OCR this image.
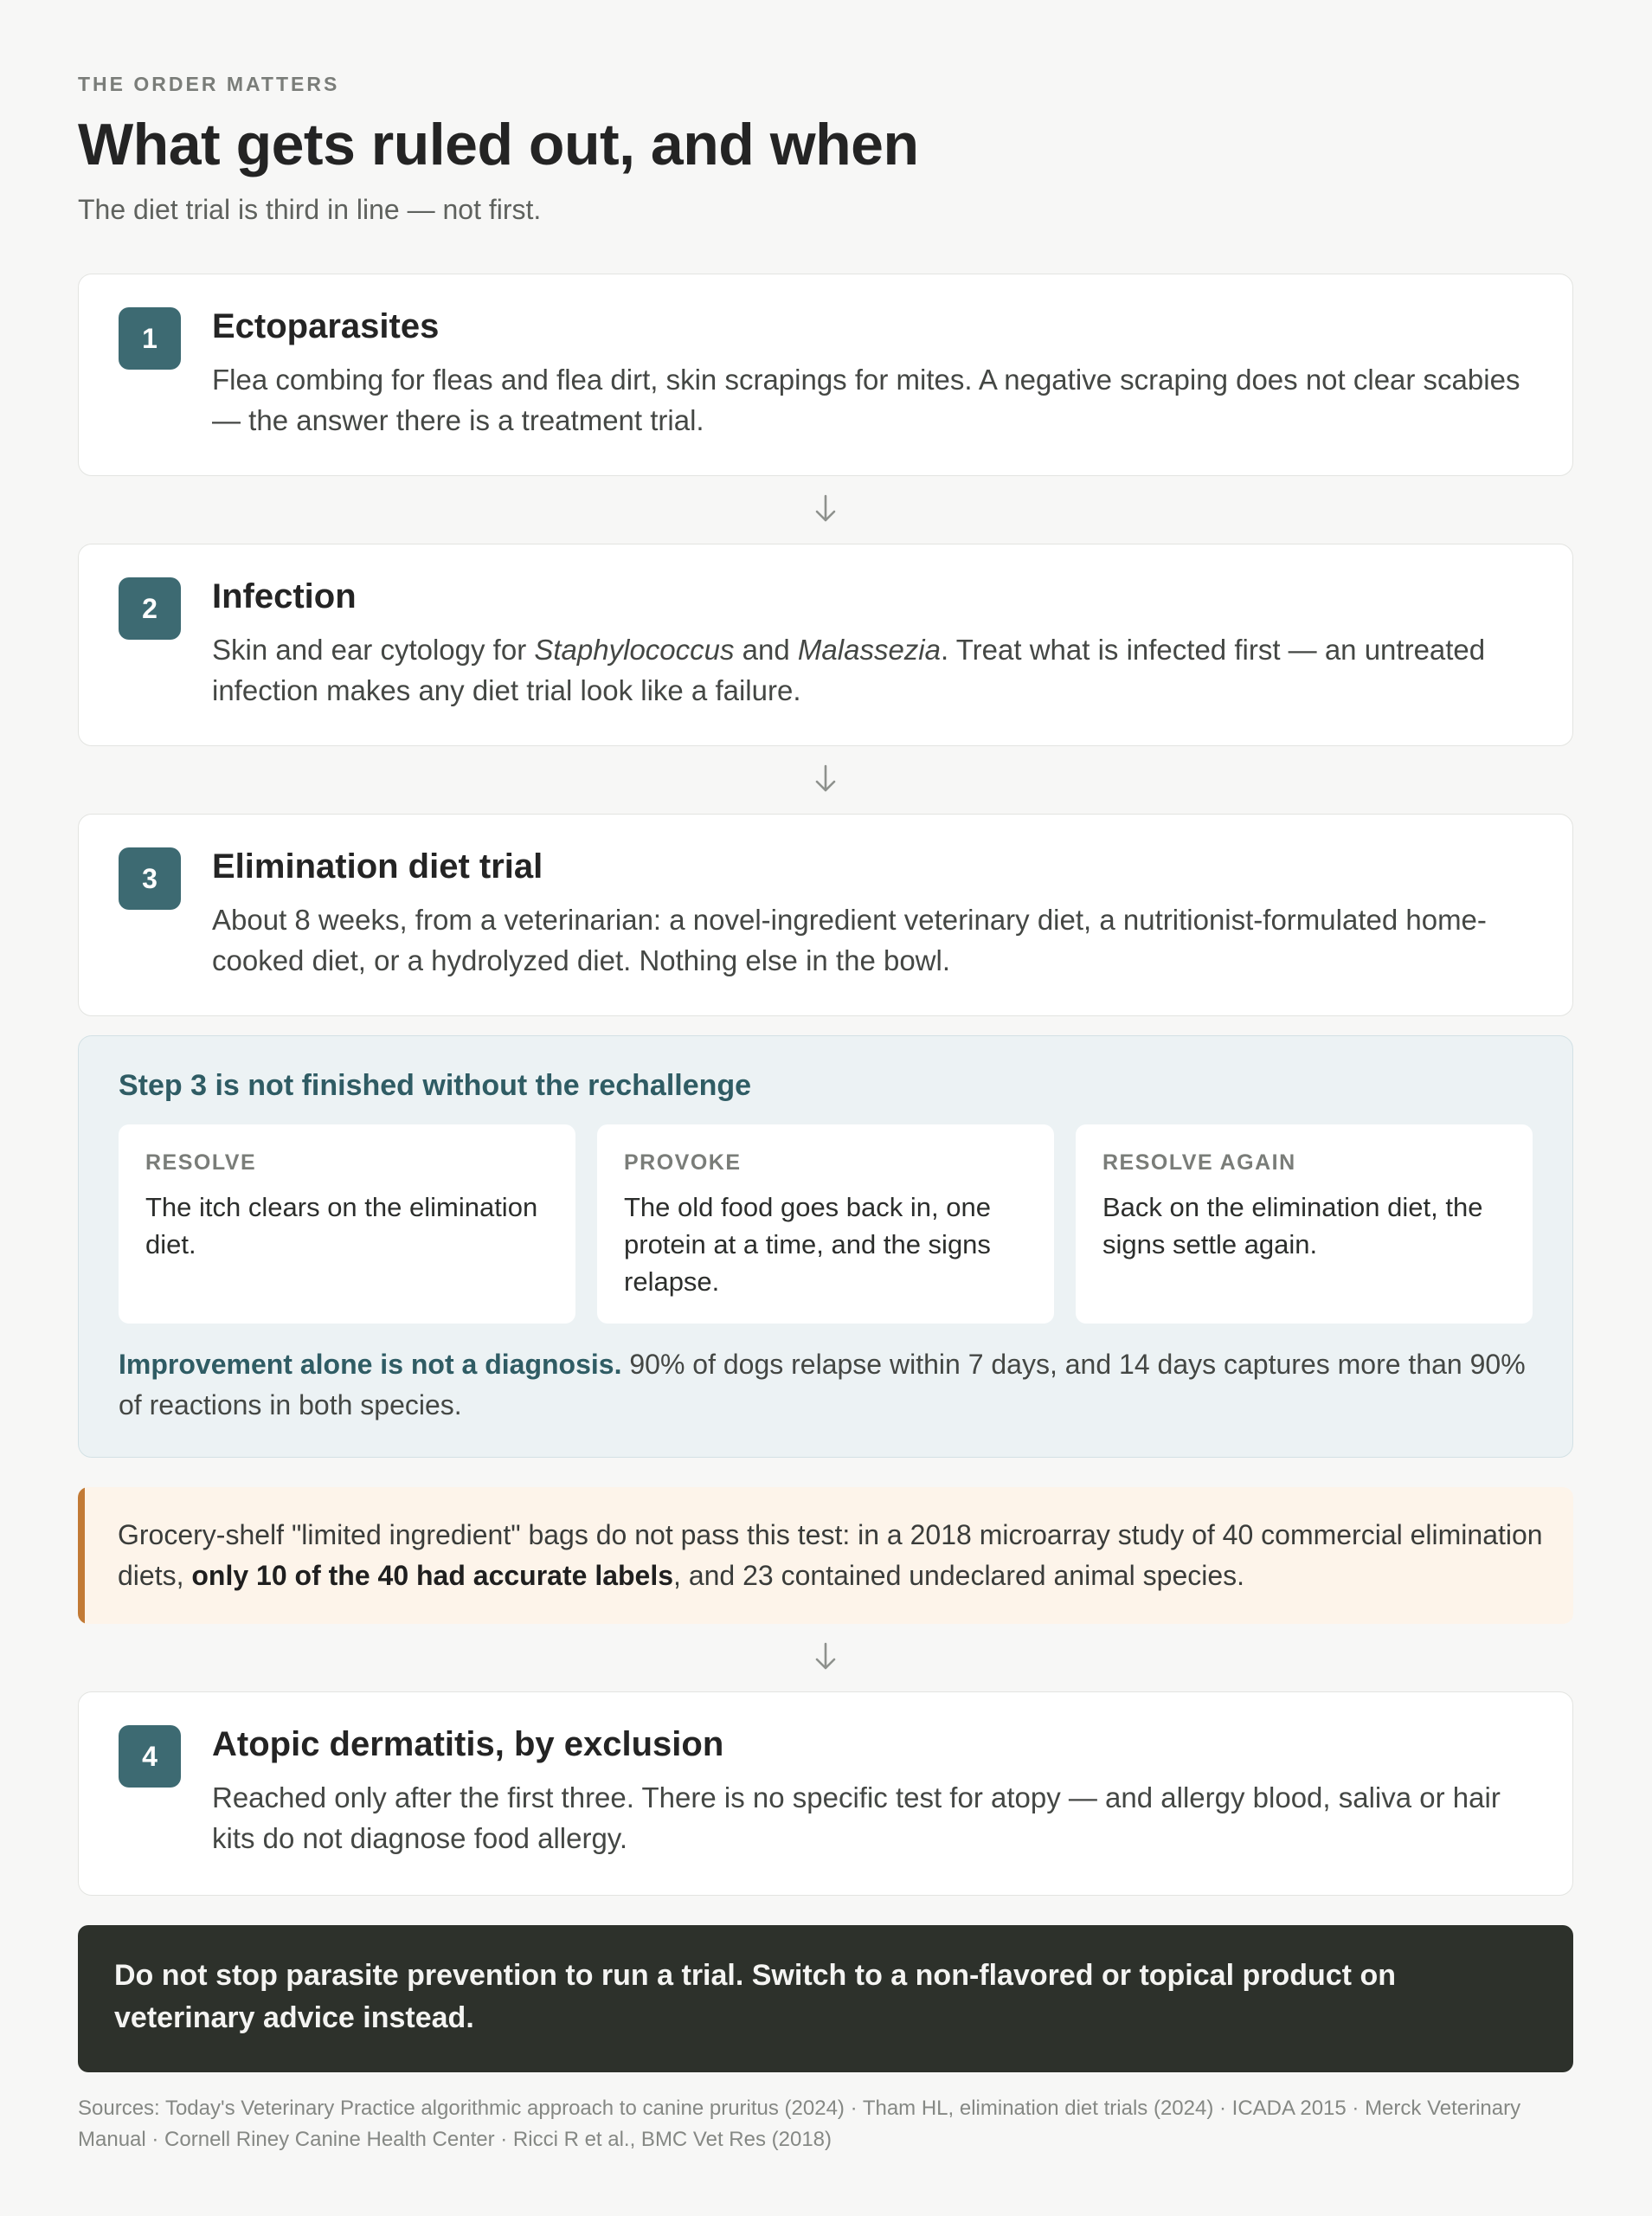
THE ORDER MATTERS
What gets ruled out, and when
The diet trial is third in line — not first.
1	Ectoparasites
Flea combing for fleas and flea dirt, skin scrapings for mites. A negative scraping does not clear scabies — the answer there is a treatment trial.
2	Infection
Skin and ear cytology for Staphylococcus and Malassezia. Treat what is infected first — an untreated infection makes any diet trial look like a failure.
3	Elimination diet trial
About 8 weeks, from a veterinarian: a novel-ingredient veterinary diet, a nutritionist-formulated home-cooked diet, or a hydrolyzed diet. Nothing else in the bowl.
Step 3 is not finished without the rechallenge
RESOLVE
The itch clears on the elimination diet.
PROVOKE
The old food goes back in, one protein at a time, and the signs relapse.
RESOLVE AGAIN
Back on the elimination diet, the signs settle again.
Improvement alone is not a diagnosis. 90% of dogs relapse within 7 days, and 14 days captures more than 90% of reactions in both species.
Grocery-shelf "limited ingredient" bags do not pass this test: in a 2018 microarray study of 40 commercial elimination diets, only 10 of the 40 had accurate labels, and 23 contained undeclared animal species.
4	Atopic dermatitis, by exclusion
Reached only after the first three. There is no specific test for atopy — and allergy blood, saliva or hair kits do not diagnose food allergy.
Do not stop parasite prevention to run a trial. Switch to a non-flavored or topical product on veterinary advice instead.
Sources: Today's Veterinary Practice algorithmic approach to canine pruritus (2024) · Tham HL, elimination diet trials (2024) · ICADA 2015 · Merck Veterinary Manual · Cornell Riney Canine Health Center · Ricci R et al., BMC Vet Res (2018)
